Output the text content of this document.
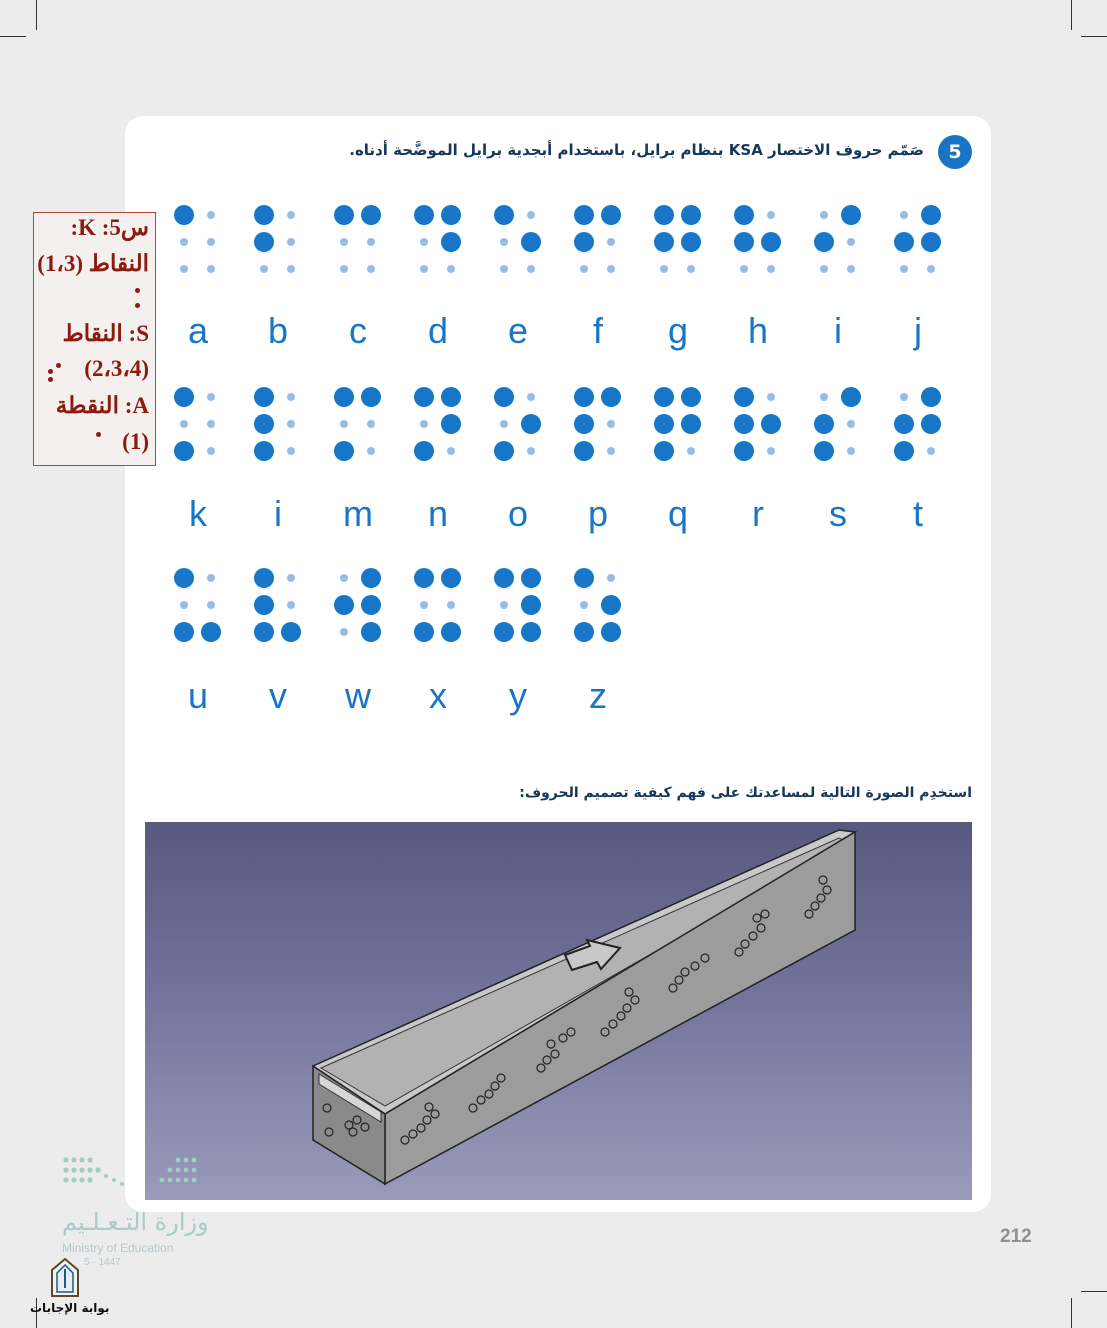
5
صَمّم حروف الاختصار KSA بنظام برايل، باستخدام أبجدية برايل الموضَّحة أدناه.
a	b	c	d	e	f	g	h	i	j
k	i	m	n	o	p	q	r	s	t
u	v	w	x	y	z
س5: K:
النقاط (1،3)
S: النقاط
(2،3،4)
A: النقطة
(1)
استخدِم الصورة التالية لمساعدتك على فهم كيفية تصميم الحروف:
212
وزارة التـعـلـيم
Ministry of Education
5 - 1447
بوابة الإجابات
